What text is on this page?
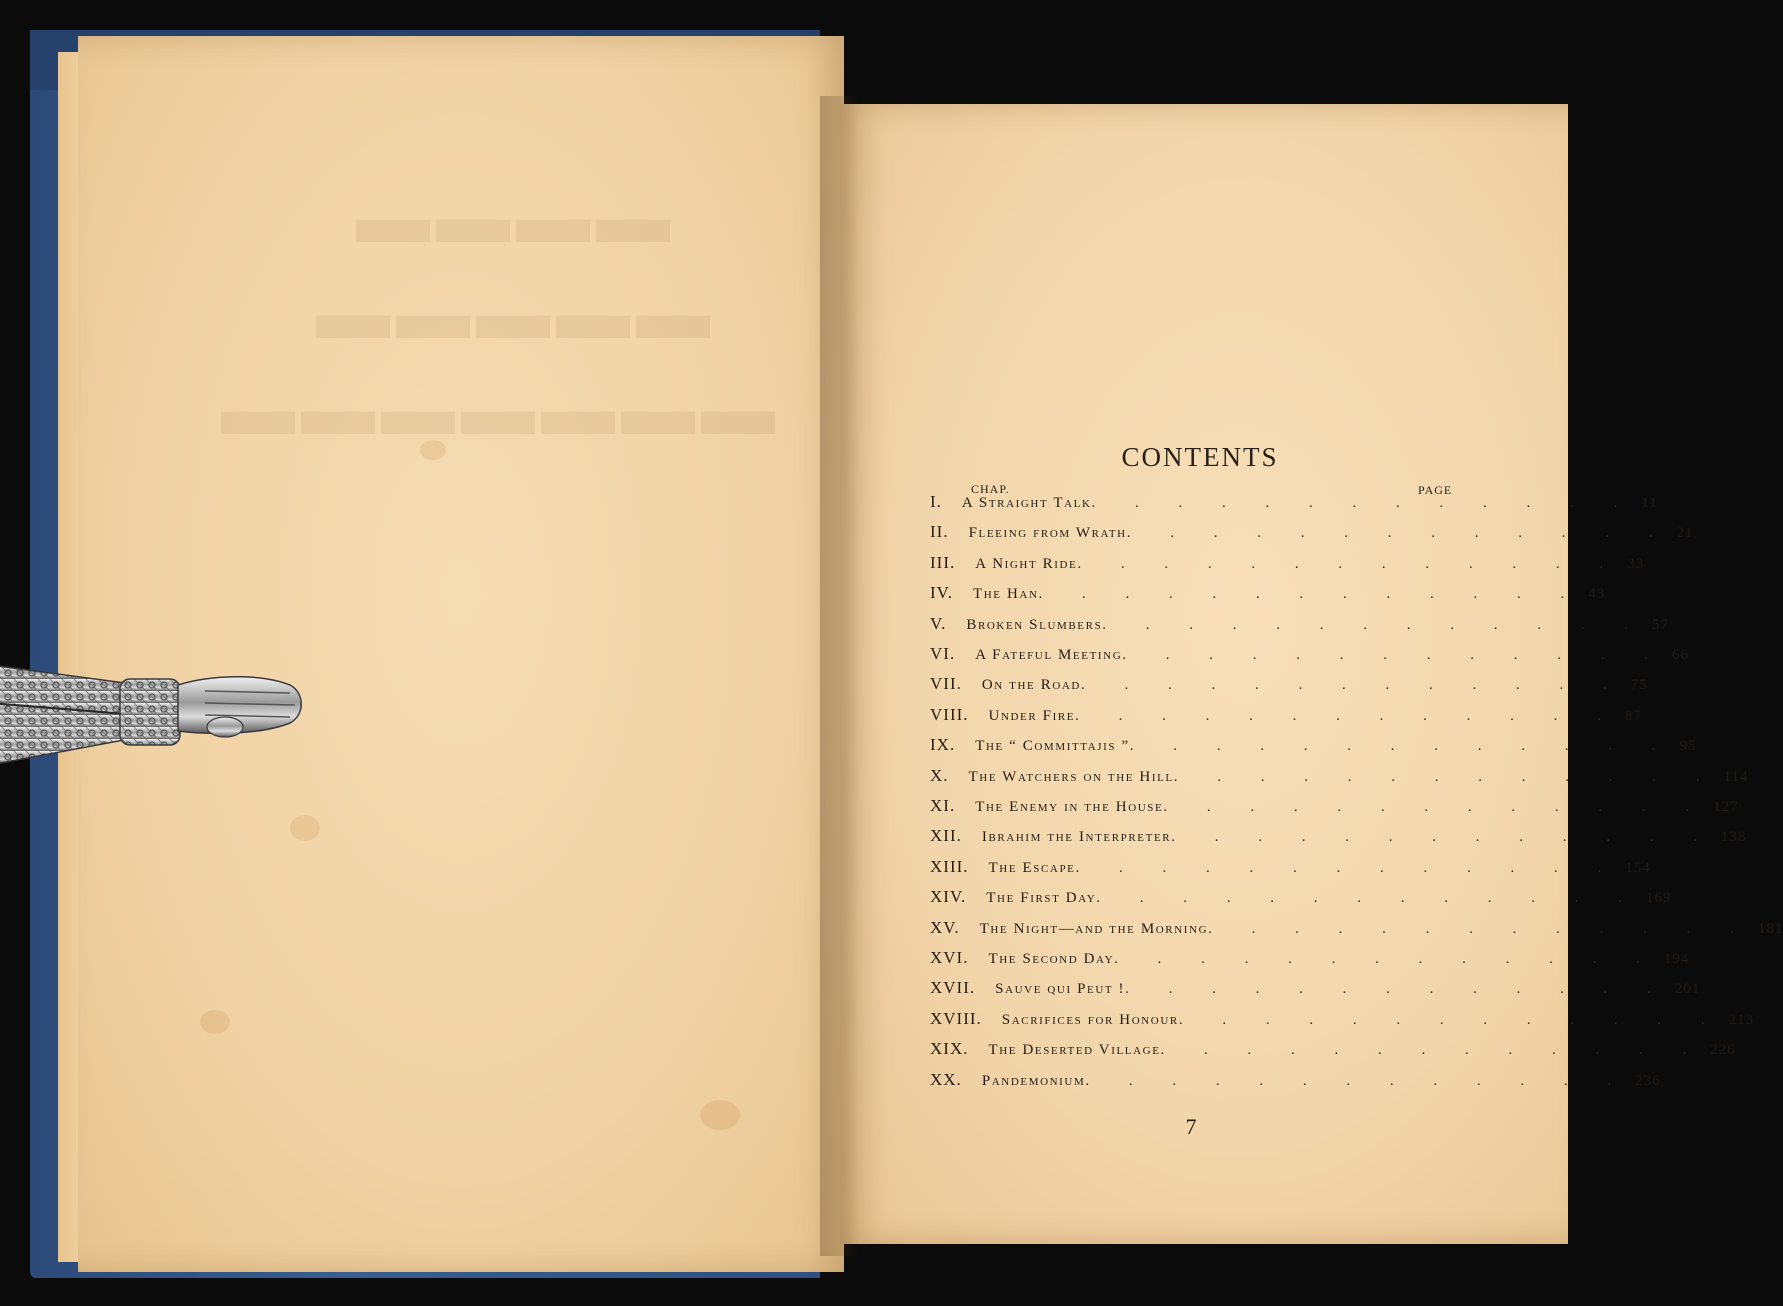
▬▬▬▬ ▬▬▬▬▬
▬▬▬▬▬▬▬
CONTENTS
CHAP.	PAGE
I. A Straight Talk . . . . . . . . . . . . . 11
II. Fleeing from Wrath . . . . . . . . . . . . . 21
III. A Night Ride . . . . . . . . . . . . . 33
IV. The Han . . . . . . . . . . . . . 43
V. Broken Slumbers . . . . . . . . . . . . . 57
VI. A Fateful Meeting . . . . . . . . . . . . . 66
VII. On the Road . . . . . . . . . . . . . 75
VIII. Under Fire . . . . . . . . . . . . . 87
IX. The “ Committajis ” . . . . . . . . . . . . . 95
X. The Watchers on the Hill . . . . . . . . . . . . . 114
XI. The Enemy in the House . . . . . . . . . . . . . 127
XII. Ibrahim the Interpreter . . . . . . . . . . . . . 138
XIII. The Escape . . . . . . . . . . . . . 154
XIV. The First Day . . . . . . . . . . . . . 169
XV. The Night—and the Morning . . . . . . . . . . . . . 181
XVI. The Second Day . . . . . . . . . . . . . 194
XVII. Sauve qui Peut ! . . . . . . . . . . . . . 201
XVIII. Sacrifices for Honour . . . . . . . . . . . . . 213
XIX. The Deserted Village . . . . . . . . . . . . . 226
XX. Pandemonium . . . . . . . . . . . . . 236
7
